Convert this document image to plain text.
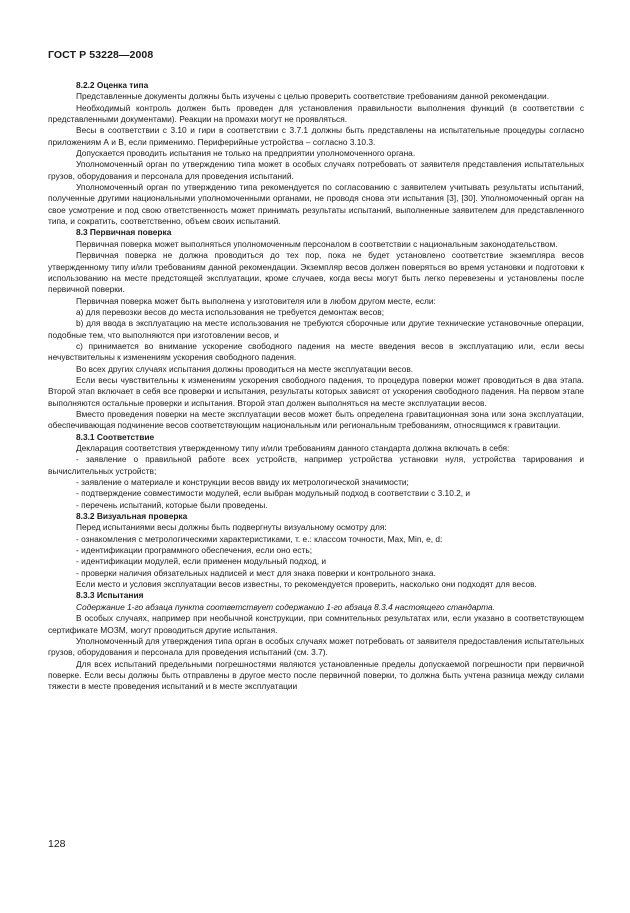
ГОСТ Р 53228—2008

8.2.2 Оценка типа

Представленные документы должны быть изучены с целью проверить соответствие требованиям данной рекомендации.

Необходимый контроль должен быть проведен для установления правильности выполнения функций (в соответствии с представленными документами). Реакции на промахи могут не проявляться.

Весы в соответствии с 3.10 и гири в соответствии с 3.7.1 должны быть представлены на испытательные процедуры согласно приложениям А и В, если применимо. Периферийные устройства – согласно 3.10.3.

Допускается проводить испытания не только на предприятии уполномоченного органа.

Уполномоченный орган по утверждению типа может в особых случаях потребовать от заявителя представления испытательных грузов, оборудования и персонала для проведения испытаний.

Уполномоченный орган по утверждению типа рекомендуется по согласованию с заявителем учитывать результаты испытаний, полученные другими национальными уполномоченными органами, не проводя снова эти испытания [3], [30]. Уполномоченный орган на свое усмотрение и под свою ответственность может принимать результаты испытаний, выполненные заявителем для представленного типа, и сократить, соответственно, объем своих испытаний.

8.3 Первичная поверка

Первичная поверка может выполняться уполномоченным персоналом в соответствии с национальным законодательством.

Первичная поверка не должна проводиться до тех пор, пока не будет установлено соответствие экземпляра весов утвержденному типу и/или требованиям данной рекомендации. Экземпляр весов должен поверяться во время установки и подготовки к использованию на месте предстоящей эксплуатации, кроме случаев, когда весы могут быть легко перевезены и установлены после первичной поверки.

Первичная поверка может быть выполнена у изготовителя или в любом другом месте, если:

а) для перевозки весов до места использования не требуется демонтаж весов;

b) для ввода в эксплуатацию на месте использования не требуются сборочные или другие технические установочные операции, подобные тем, что выполняются при изготовлении весов, и

с) принимается во внимание ускорение свободного падения на месте введения весов в эксплуатацию или, если весы нечувствительны к изменениям ускорения свободного падения.

Во всех других случаях испытания должны проводиться на месте эксплуатации весов.

Если весы чувствительны к изменениям ускорения свободного падения, то процедура поверки может проводиться в два этапа. Второй этап включает в себя все проверки и испытания, результаты которых зависят от ускорения свободного падения. На первом этапе выполняются остальные проверки и испытания. Второй этап должен выполняться на месте эксплуатации весов.

Вместо проведения поверки на месте эксплуатации весов может быть определена гравитационная зона или зона эксплуатации, обеспечивающая подчинение весов соответствующим национальным или региональным требованиям, относящимся к гравитации.

8.3.1 Соответствие

Декларация соответствия утвержденному типу и/или требованиям данного стандарта должна включать в себя:

- заявление о правильной работе всех устройств, например устройства установки нуля, устройства тарирования и вычислительных устройств;

- заявление о материале и конструкции весов ввиду их метрологической значимости;

- подтверждение совместимости модулей, если выбран модульный подход в соответствии с 3.10.2, и

- перечень испытаний, которые были проведены.

8.3.2 Визуальная проверка

Перед испытаниями весы должны быть подвергнуты визуальному осмотру для:

- ознакомления с метрологическими характеристиками, т. е.: классом точности, Max, Min, e, d:

- идентификации программного обеспечения, если оно есть;

- идентификации модулей, если применен модульный подход, и

- проверки наличия обязательных надписей и мест для знака поверки и контрольного знака.

Если место и условия эксплуатации весов известны, то рекомендуется проверить, насколько они подходят для весов.

8.3.3 Испытания

Содержание 1-го абзаца пункта соответствует содержанию 1-го абзаца 8.3.4 настоящего стандарта.

В особых случаях, например при необычной конструкции, при сомнительных результатах или, если указано в соответствующем сертификате МОЗМ, могут проводиться другие испытания.

Уполномоченный для утверждения типа орган в особых случаях может потребовать от заявителя предоставления испытательных грузов, оборудования и персонала для проведения испытаний (см. 3.7).

Для всех испытаний предельными погрешностями являются установленные пределы допускаемой погрешности при первичной поверке. Если весы должны быть отправлены в другое место после первичной поверки, то должна быть учтена разница между силами тяжести в месте проведения испытаний и в месте эксплуатации

128
